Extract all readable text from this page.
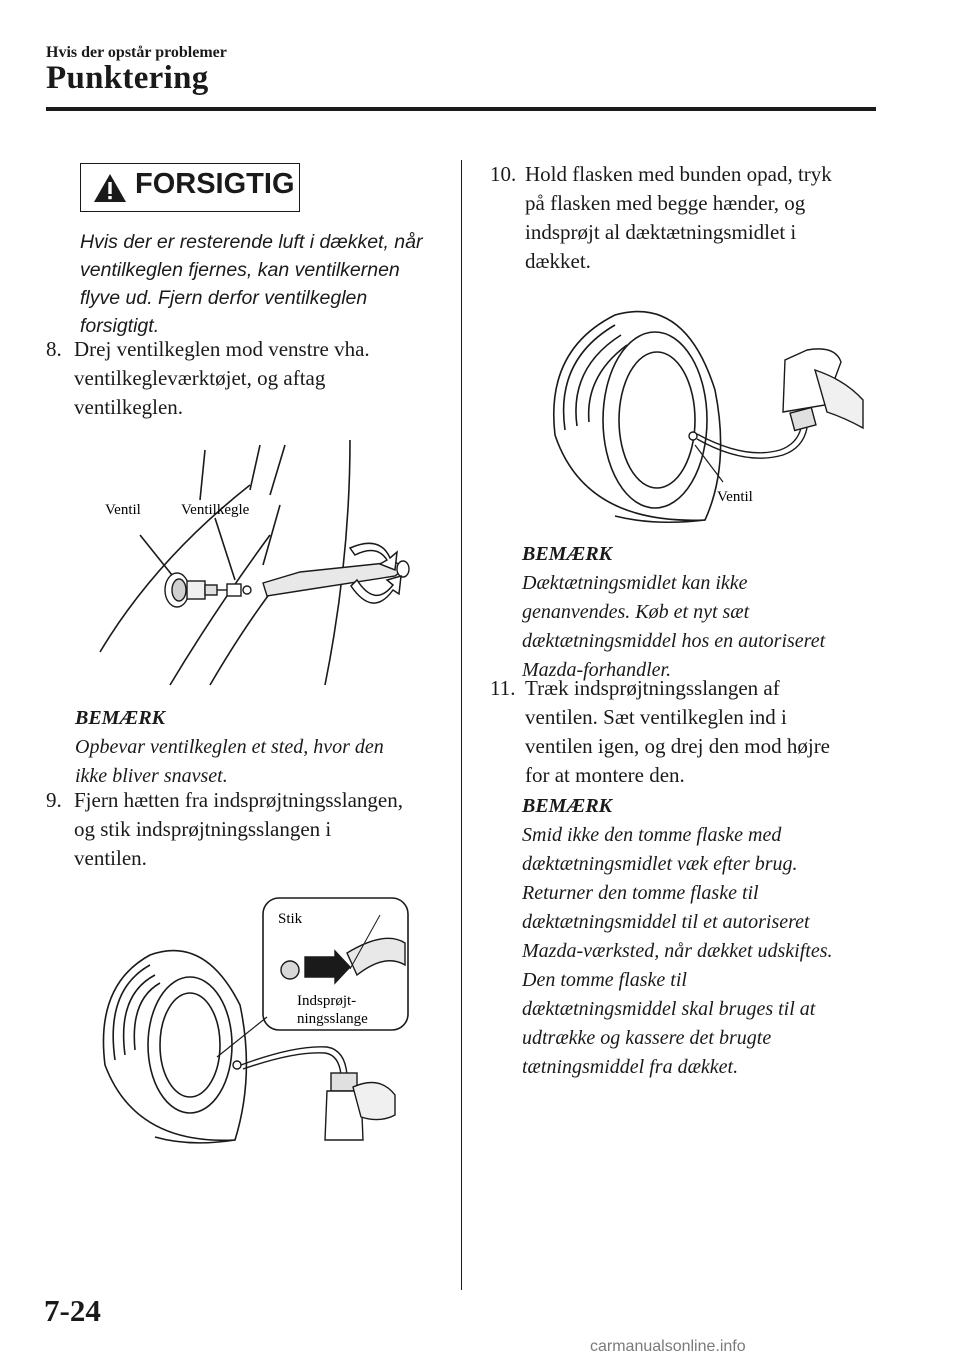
Hvis der opstår problemer
Punktering
FORSIGTIG
Hvis der er resterende luft i dækket, når
ventilkeglen fjernes, kan ventilkernen
flyve ud. Fjern derfor ventilkeglen
forsigtigt.
8. Drej ventilkeglen mod venstre vha.
ventilkegleværktøjet, og aftag
ventilkeglen.
Ventil	Ventilkegle
BEMÆRK
Opbevar ventilkeglen et sted, hvor den
ikke bliver snavset.
9. Fjern hætten fra indsprøjtningsslangen,
og stik indsprøjtningsslangen i
ventilen.
Stik
Indsprøjt-
ningsslange
10. Hold flasken med bunden opad, tryk
på flasken med begge hænder, og
indsprøjt al dæktætningsmidlet i
dækket.
Ventil
BEMÆRK
Dæktætningsmidlet kan ikke
genanvendes. Køb et nyt sæt
dæktætningsmiddel hos en autoriseret
Mazda-forhandler.
11. Træk indsprøjtningsslangen af
ventilen. Sæt ventilkeglen ind i
ventilen igen, og drej den mod højre
for at montere den.
BEMÆRK
Smid ikke den tomme flaske med
dæktætningsmidlet væk efter brug.
Returner den tomme flaske til
dæktætningsmiddel til et autoriseret
Mazda-værksted, når dækket udskiftes.
Den tomme flaske til
dæktætningsmiddel skal bruges til at
udtrække og kassere det brugte
tætningsmiddel fra dækket.
7-24
carmanualsonline.info
